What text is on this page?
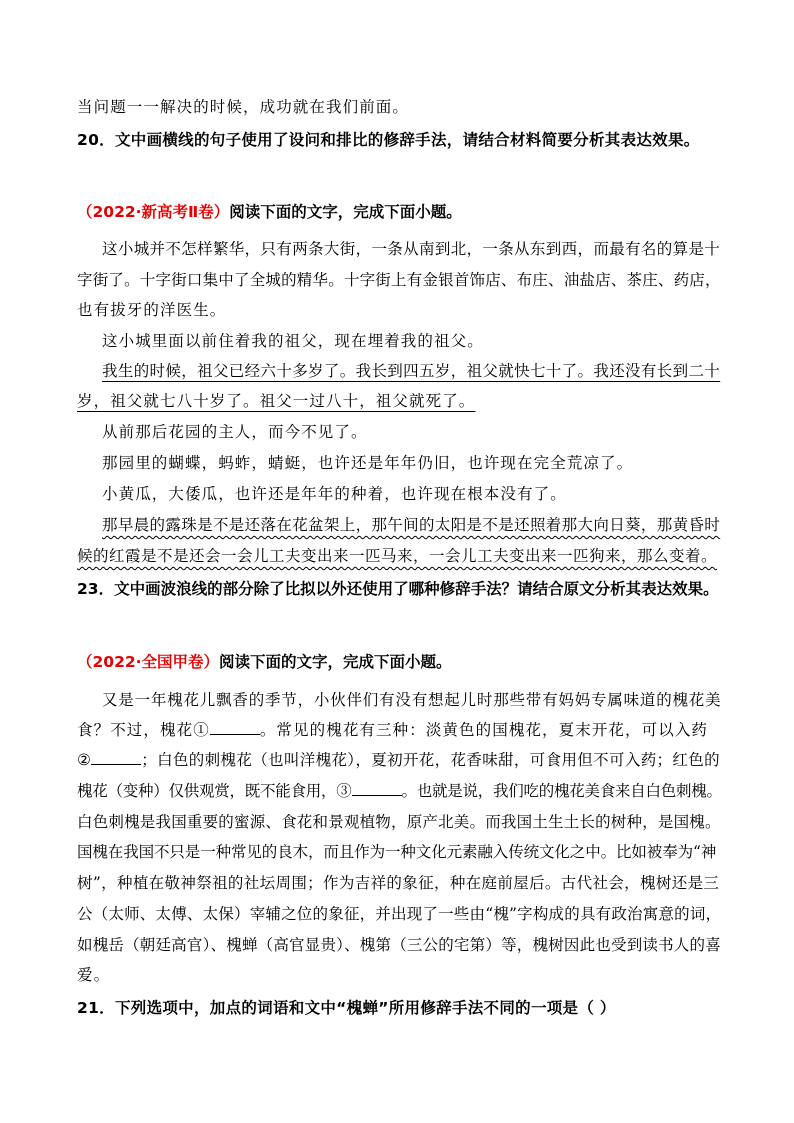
当问题一一解决的时候，成功就在我们前面。
20．文中画横线的句子使用了设问和排比的修辞手法，请结合材料简要分析其表达效果。
（2022·新高考Ⅱ卷）阅读下面的文字，完成下面小题。
这小城并不怎样繁华，只有两条大街，一条从南到北，一条从东到西，而最有名的算是十
字街了。十字街口集中了全城的精华。十字街上有金银首饰店、布庄、油盐店、茶庄、药店，
也有拔牙的洋医生。
这小城里面以前住着我的祖父，现在埋着我的祖父。
我生的时候，祖父已经六十多岁了。我长到四五岁，祖父就快七十了。我还没有长到二十
岁，祖父就七八十岁了。祖父一过八十，祖父就死了。
从前那后花园的主人，而今不见了。
那园里的蝴蝶，蚂蚱，蜻蜓，也许还是年年仍旧，也许现在完全荒凉了。
小黄瓜，大倭瓜，也许还是年年的种着，也许现在根本没有了。
那早晨的露珠是不是还落在花盆架上，那午间的太阳是不是还照着那大向日葵，那黄昏时
候的红霞是不是还会一会儿工夫变出来一匹马来，一会儿工夫变出来一匹狗来，那么变着。
23．文中画波浪线的部分除了比拟以外还使用了哪种修辞手法？请结合原文分析其表达效果。
（2022·全国甲卷）阅读下面的文字，完成下面小题。
又是一年槐花儿飘香的季节，小伙伴们有没有想起儿时那些带有妈妈专属味道的槐花美
食？不过，槐花①	。常见的槐花有三种：淡黄色的国槐花，夏末开花，可以入药
②	；白色的刺槐花（也叫洋槐花），夏初开花，花香味甜，可食用但不可入药；红色的
槐花（变种）仅供观赏，既不能食用，③	。也就是说，我们吃的槐花美食来自白色刺槐。
白色刺槐是我国重要的蜜源、食花和景观植物，原产北美。而我国土生土长的树种，是国槐。
国槐在我国不只是一种常见的良木，而且作为一种文化元素融入传统文化之中。比如被奉为“神
树”，种植在敬神祭祖的社坛周围；作为吉祥的象征，种在庭前屋后。古代社会，槐树还是三
公（太师、太傅、太保）宰辅之位的象征，并出现了一些由“槐”字构成的具有政治寓意的词，
如槐岳（朝廷高官）、槐蝉（高官显贵）、槐第（三公的宅第）等，槐树因此也受到读书人的喜
爱。
21．下列选项中，加点的词语和文中“槐蝉”所用修辞手法不同的一项是（ ）
